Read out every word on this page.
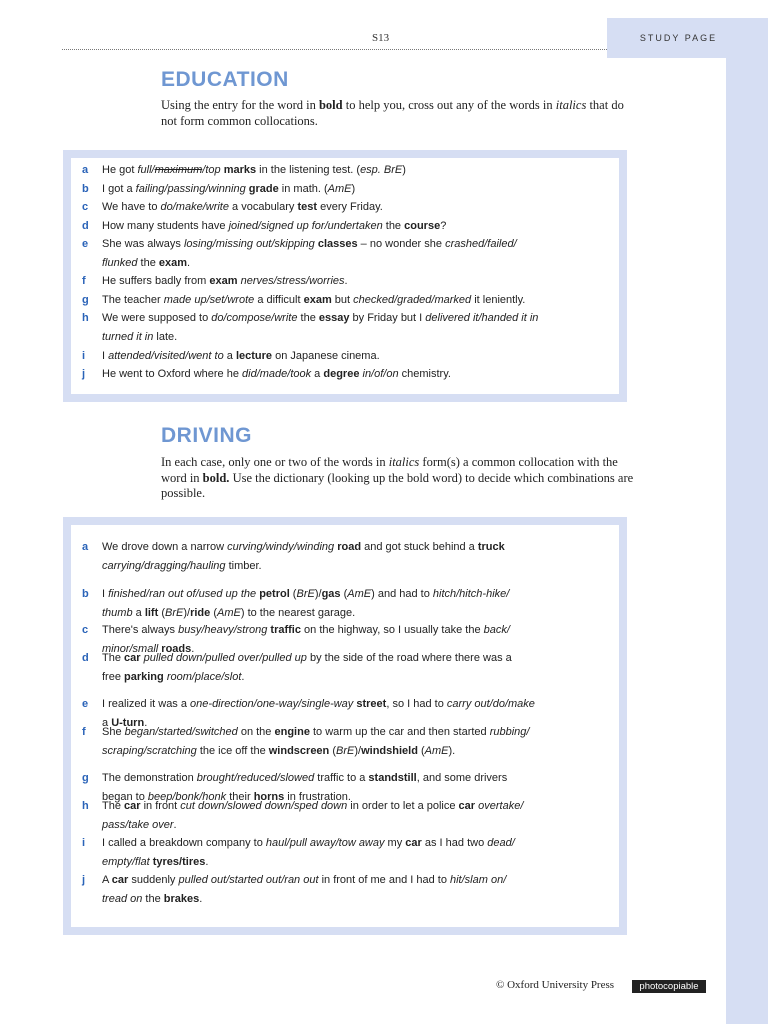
STUDY PAGE
S13
EDUCATION
Using the entry for the word in bold to help you, cross out any of the words in italics that do not form common collocations.
a He got full/maximum/top marks in the listening test. (esp. BrE)
b I got a failing/passing/winning grade in math. (AmE)
c We have to do/make/write a vocabulary test every Friday.
d How many students have joined/signed up for/undertaken the course?
e She was always losing/missing out/skipping classes – no wonder she crashed/failed/
flunked the exam.
f He suffers badly from exam nerves/stress/worries.
g The teacher made up/set/wrote a difficult exam but checked/graded/marked it leniently.
h We were supposed to do/compose/write the essay by Friday but I delivered it/handed it in
turned it in late.
i I attended/visited/went to a lecture on Japanese cinema.
j He went to Oxford where he did/made/took a degree in/of/on chemistry.
DRIVING
In each case, only one or two of the words in italics form(s) a common collocation with the word in bold. Use the dictionary (looking up the bold word) to decide which combinations are possible.
a We drove down a narrow curving/windy/winding road and got stuck behind a truck
carrying/dragging/hauling timber.
b I finished/ran out of/used up the petrol (BrE)/gas (AmE) and had to hitch/hitch-hike/
thumb a lift (BrE)/ride (AmE) to the nearest garage.
c There's always busy/heavy/strong traffic on the highway, so I usually take the back/
minor/small roads.
d The car pulled down/pulled over/pulled up by the side of the road where there was a
free parking room/place/slot.
e I realized it was a one-direction/one-way/single-way street, so I had to carry out/do/make
a U-turn.
f She began/started/switched on the engine to warm up the car and then started rubbing/
scraping/scratching the ice off the windscreen (BrE)/windshield (AmE).
g The demonstration brought/reduced/slowed traffic to a standstill, and some drivers
began to beep/bonk/honk their horns in frustration.
h The car in front cut down/slowed down/sped down in order to let a police car overtake/
pass/take over.
i I called a breakdown company to haul/pull away/tow away my car as I had two dead/
empty/flat tyres/tires.
j A car suddenly pulled out/started out/ran out in front of me and I had to hit/slam on/
tread on the brakes.
© Oxford University Press	photocopiable
